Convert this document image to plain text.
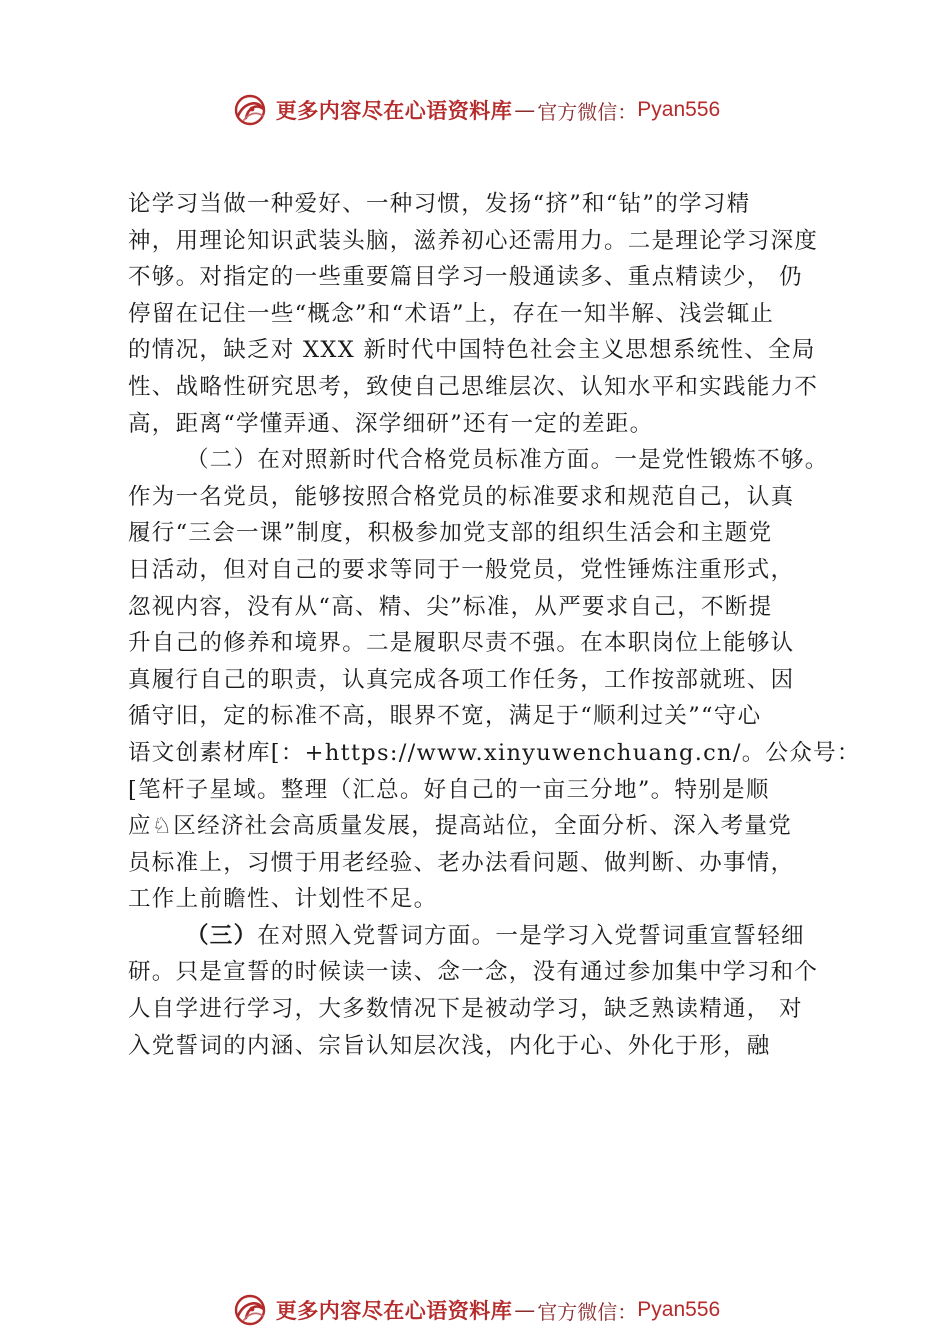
更多内容尽在心语资料库 — 官方微信： Pyan556
论学习当做一种爱好、一种习惯，发扬“挤”和“钻”的学习精
神，用理论知识武装头脑，滋养初心还需用力。二是理论学习深度
不够。对指定的一些重要篇目学习一般通读多、重点精读少， 仍
停留在记住一些“概念”和“术语”上，存在一知半解、浅尝辄止
的情况，缺乏对 XXX 新时代中国特色社会主义思想系统性、全局
性、战略性研究思考，致使自己思维层次、认知水平和实践能力不
高，距离“学懂弄通、深学细研”还有一定的差距。
（二）在对照新时代合格党员标准方面。一是党性锻炼不够。
作为一名党员，能够按照合格党员的标准要求和规范自己，认真
履行“三会一课”制度，积极参加党支部的组织生活会和主题党
日活动，但对自己的要求等同于一般党员，党性锤炼注重形式，
忽视内容，没有从“高、精、尖”标准，从严要求自己，不断提
升自己的修养和境界。二是履职尽责不强。在本职岗位上能够认
真履行自己的职责，认真完成各项工作任务，工作按部就班、因
循守旧，定的标准不高，眼界不宽，满足于“顺利过关”“守心
语文创素材库[：+https://www.xinyuwenchuang.cn/。公众号：
[笔杆子星域。整理（汇总。好自己的一亩三分地”。特别是顺
应♘区经济社会高质量发展，提高站位，全面分析、深入考量党
员标准上，习惯于用老经验、老办法看问题、做判断、办事情，
工作上前瞻性、计划性不足。
（三）在对照入党誓词方面。一是学习入党誓词重宣誓轻细
研。只是宣誓的时候读一读、念一念，没有通过参加集中学习和个
人自学进行学习，大多数情况下是被动学习，缺乏熟读精通， 对
入党誓词的内涵、宗旨认知层次浅，内化于心、外化于形，融
更多内容尽在心语资料库 — 官方微信： Pyan556
